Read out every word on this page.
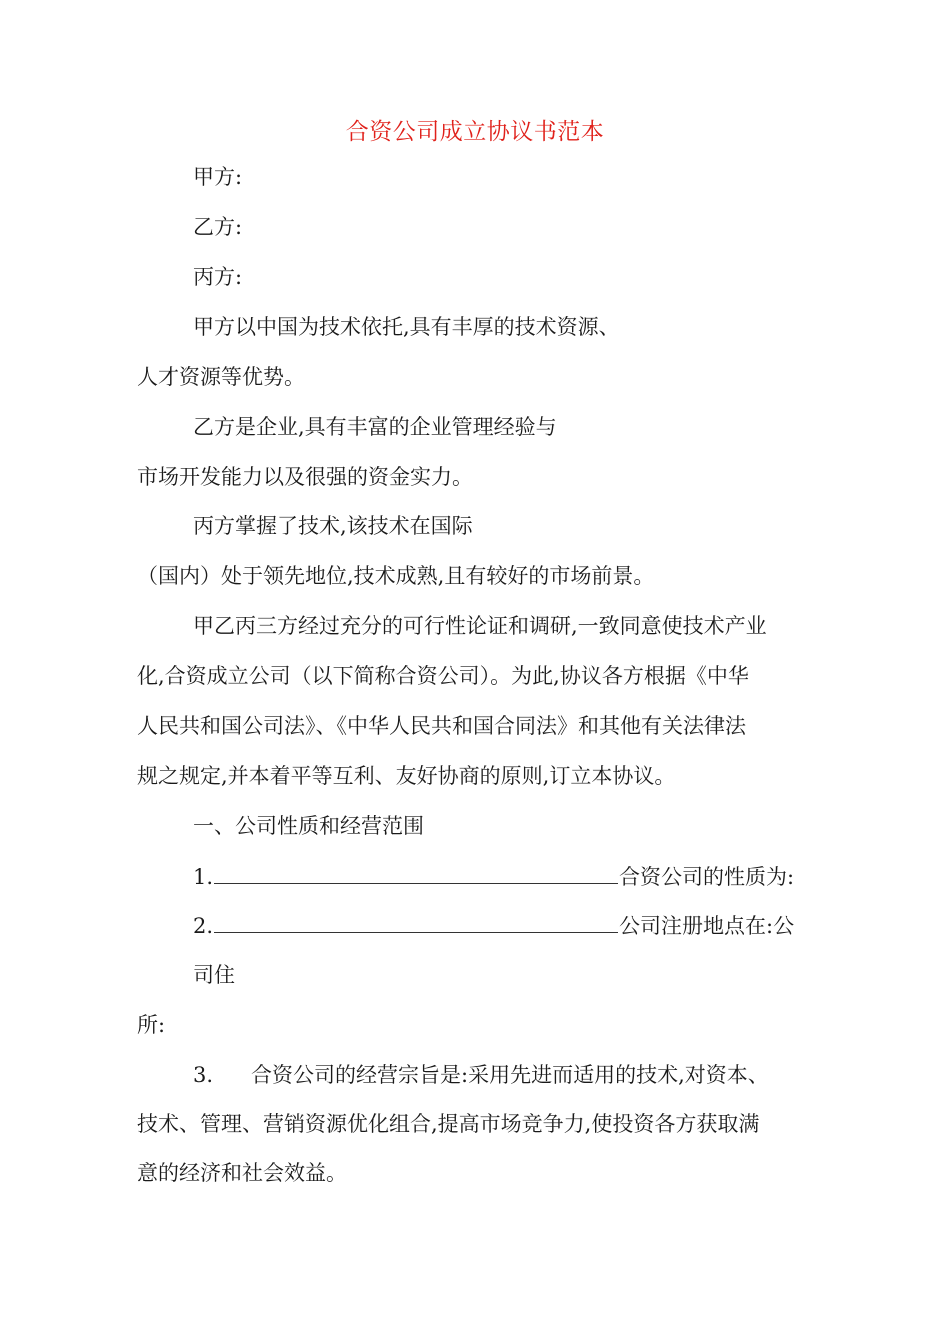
合资公司成立协议书范本
甲方:
乙方:
丙方:
甲方以中国为技术依托,具有丰厚的技术资源、
人才资源等优势。
乙方是企业,具有丰富的企业管理经验与
市场开发能力以及很强的资金实力。
丙方掌握了技术,该技术在国际
（国内）处于领先地位,技术成熟,且有较好的市场前景。
甲乙丙三方经过充分的可行性论证和调研,一致同意使技术产业
化,合资成立公司（以下简称合资公司）。为此,协议各方根据《中华
人民共和国公司法》、《中华人民共和国合同法》和其他有关法律法
规之规定,并本着平等互利、友好协商的原则,订立本协议。
一、公司性质和经营范围
1.	合资公司的性质为:
2.	公司注册地点在:公
司住
所:
3. 合资公司的经营宗旨是:采用先进而适用的技术,对资本、
技术、管理、营销资源优化组合,提高市场竞争力,使投资各方获取满
意的经济和社会效益。
